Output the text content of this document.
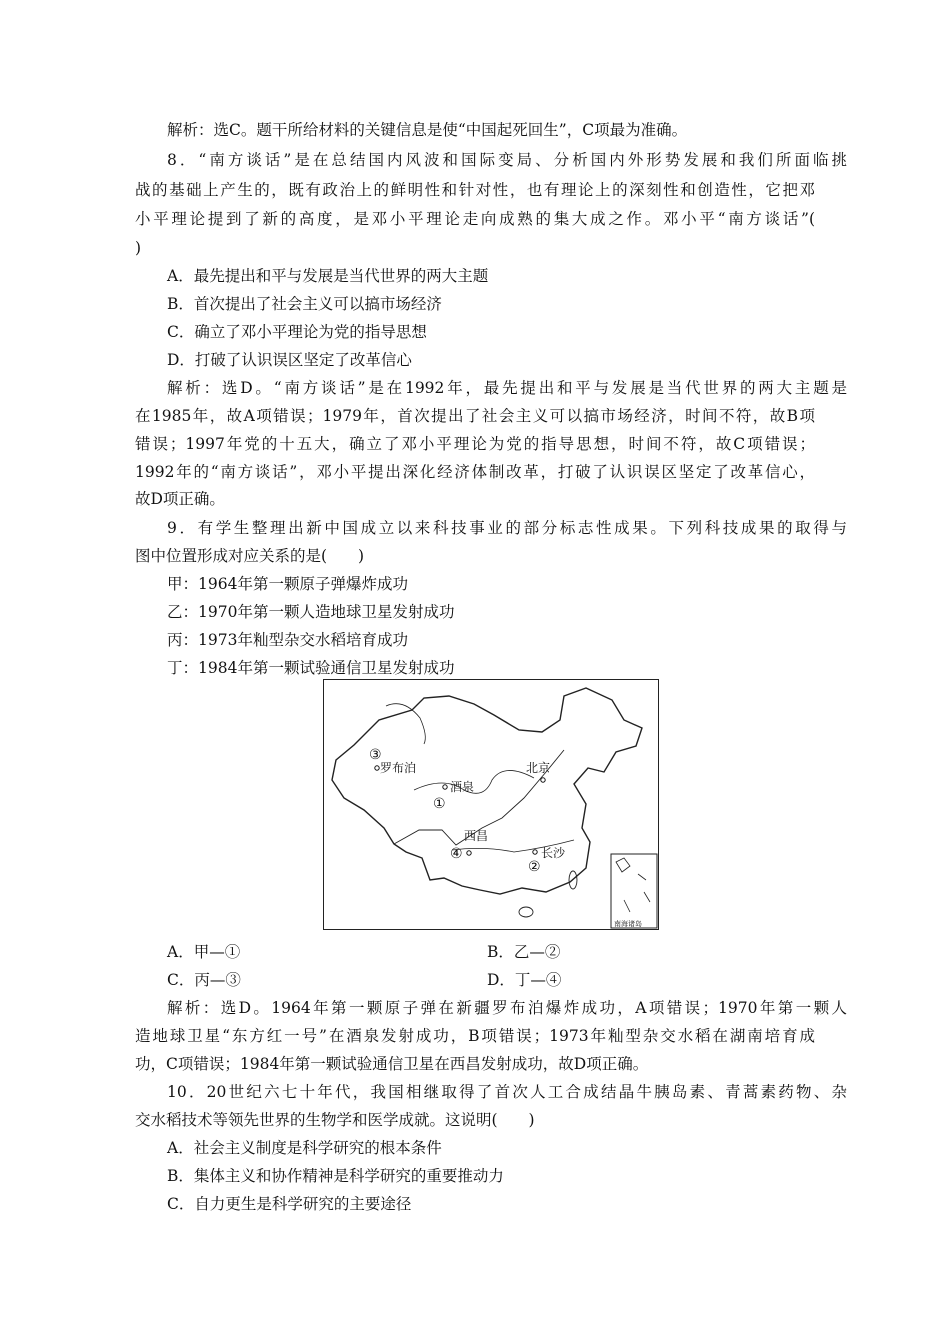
解析：选C。题干所给材料的关键信息是使“中国起死回生”，C项最为准确。
8．“南方谈话”是在总结国内风波和国际变局、分析国内外形势发展和我们所面临挑
战的基础上产生的，既有政治上的鲜明性和针对性，也有理论上的深刻性和创造性，它把邓
小平理论提到了新的高度，是邓小平理论走向成熟的集大成之作。邓小平“南方谈话”(
)
A．最先提出和平与发展是当代世界的两大主题
B．首次提出了社会主义可以搞市场经济
C．确立了邓小平理论为党的指导思想
D．打破了认识误区坚定了改革信心
解析：选D。“南方谈话”是在1992年，最先提出和平与发展是当代世界的两大主题是
在1985年，故A项错误；1979年，首次提出了社会主义可以搞市场经济，时间不符，故B项
错误；1997年党的十五大，确立了邓小平理论为党的指导思想，时间不符，故C项错误；
1992年的“南方谈话”，邓小平提出深化经济体制改革，打破了认识误区坚定了改革信心，
故D项正确。
9．有学生整理出新中国成立以来科技事业的部分标志性成果。下列科技成果的取得与
图中位置形成对应关系的是(　　)
甲：1964年第一颗原子弹爆炸成功
乙：1970年第一颗人造地球卫星发射成功
丙：1973年籼型杂交水稻培育成功
丁：1984年第一颗试验通信卫星发射成功
罗布泊
③
酒泉
①
北京
西昌
④	长沙
②
南海诸岛
A．甲—①	B．乙—②
C．丙—③	D．丁—④
解析：选D。1964年第一颗原子弹在新疆罗布泊爆炸成功，A项错误；1970年第一颗人
造地球卫星“东方红一号”在酒泉发射成功，B项错误；1973年籼型杂交水稻在湖南培育成
功，C项错误；1984年第一颗试验通信卫星在西昌发射成功，故D项正确。
10．20世纪六七十年代，我国相继取得了首次人工合成结晶牛胰岛素、青蒿素药物、杂
交水稻技术等领先世界的生物学和医学成就。这说明(　　)
A．社会主义制度是科学研究的根本条件
B．集体主义和协作精神是科学研究的重要推动力
C．自力更生是科学研究的主要途径
